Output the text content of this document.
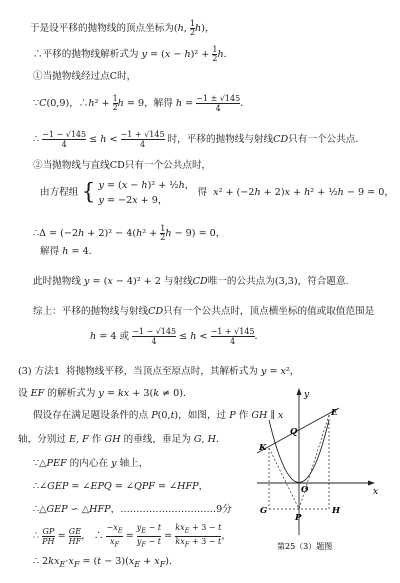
于是设平移的抛物线的顶点坐标为(h, 1

2 h)，
∴平移的抛物线解析式为 y = (x − h)² + 1

2 h．
①当抛物线经过点C时，
∵C(0,9)，∴h² + 1

2 h = 9，解得 h = −1 ± √145

4	．
∴ −1 − √145

4	≤ h < −1 + √145

4	时，平移的抛物线与射线CD只有一个公共点．
②当抛物线与直线CD只有一个公共点时，
由方程组 { y = (x − h)² + ½h，
y = −2x + 9， 得  x² + (−2h + 2)x + h² + ½h − 9 = 0，
∴Δ = (−2h + 2)² − 4(h² + 1

2 h − 9) = 0，
解得 h = 4．
此时抛物线 y = (x − 4)² + 2 与射线CD唯一的公共点为(3,3)，符合题意．
综上：平移的抛物线与射线CD只有一个公共点时，顶点横坐标的值或取值范围是
h = 4 或 −1 − √145

4	≤ h < −1 + √145

4	．
(3) 方法1  将抛物线平移，当顶点至原点时，其解析式为 y = x²，
设 EF 的解析式为 y = kx + 3(k ≠ 0)．
假设存在满足题设条件的点 P(0,t)，如图，过 P 作 GH ∥ x
轴，分别过 E, F 作 GH 的垂线，垂足为 G, H．
∵△PEF 的内心在 y 轴上，
∴∠GEP = ∠EPQ = ∠QPF = ∠HFP，
∴△GEP ∽ △HFP，…………………………9分
∴ $\frac{GP}{PH} = \frac{GE}{HF}$ ， ∴ $-x_E$

$x_F$
= $y_E - t$

$y_F - t = kx_E + 3 - t$

$kx_F + 3 - t$ ，
∴ $2kx_E\cdot x_F = (t - 3)(x_E + x_F)$．
y
x
E
K
Q
O
G
P
H
第25（3）题图
